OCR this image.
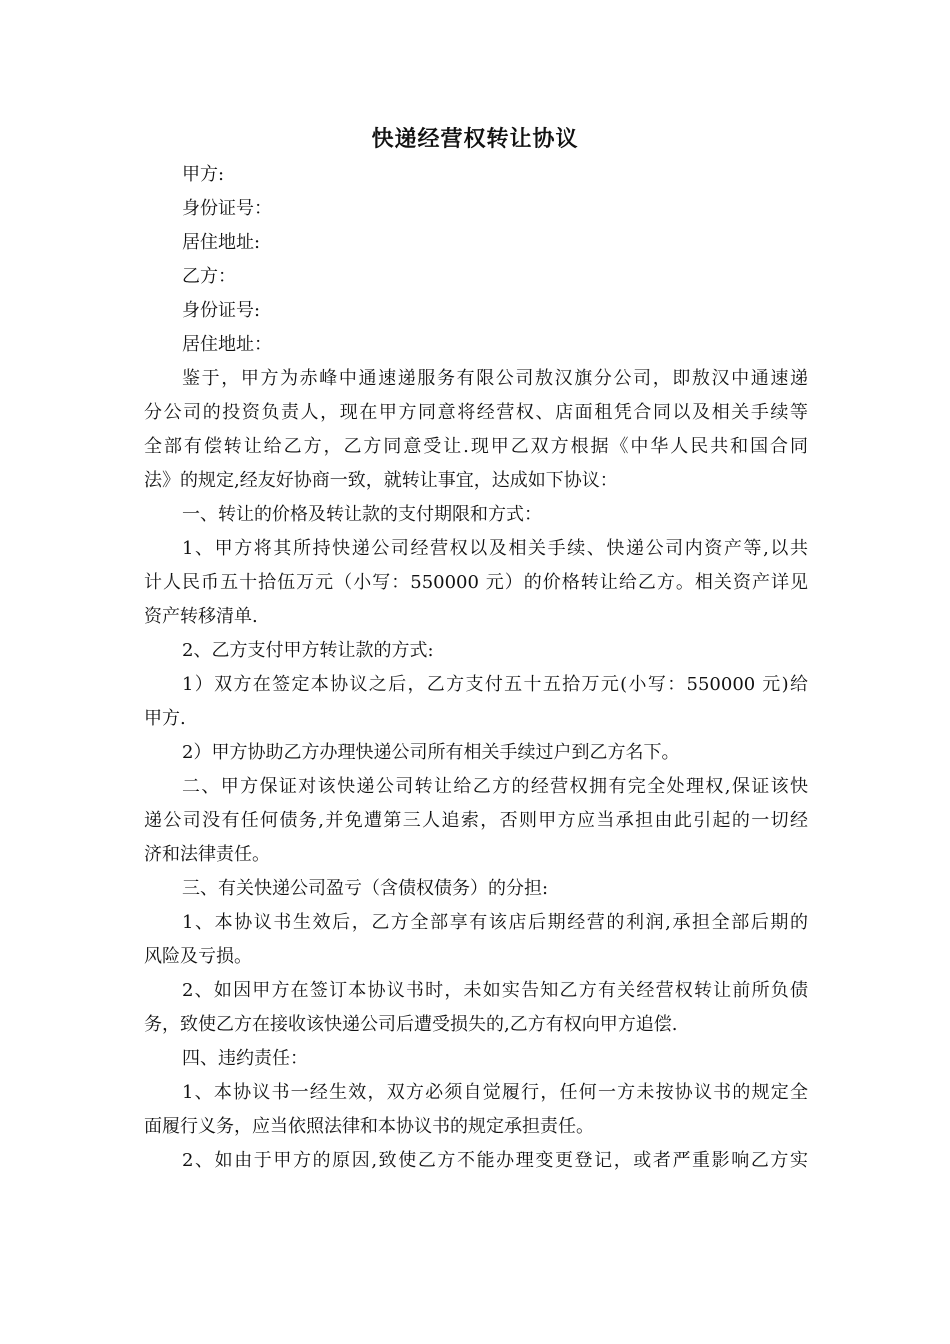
快递经营权转让协议
甲方:
身份证号：
居住地址:
乙方：
身份证号:
居住地址：
鉴于，甲方为赤峰中通速递服务有限公司敖汉旗分公司，即敖汉中通速递
分公司的投资负责人，现在甲方同意将经营权、店面租凭合同以及相关手续等
全部有偿转让给乙方，乙方同意受让.现甲乙双方根据《中华人民共和国合同
法》的规定,经友好协商一致，就转让事宜，达成如下协议：
一、转让的价格及转让款的支付期限和方式：
1、甲方将其所持快递公司经营权以及相关手续、快递公司内资产等,以共
计人民币五十拾伍万元（小写：550000 元）的价格转让给乙方。相关资产详见
资产转移清单.
2、乙方支付甲方转让款的方式:
1）双方在签定本协议之后，乙方支付五十五拾万元(小写：550000 元)给
甲方.
2）甲方协助乙方办理快递公司所有相关手续过户到乙方名下。
二、甲方保证对该快递公司转让给乙方的经营权拥有完全处理权,保证该快
递公司没有任何债务,并免遭第三人追索，否则甲方应当承担由此引起的一切经
济和法律责任。
三、有关快递公司盈亏（含债权债务）的分担:
1、本协议书生效后，乙方全部享有该店后期经营的利润,承担全部后期的
风险及亏损。
2、如因甲方在签订本协议书时，未如实告知乙方有关经营权转让前所负债
务，致使乙方在接收该快递公司后遭受损失的,乙方有权向甲方追偿.
四、违约责任：
1、本协议书一经生效，双方必须自觉履行，任何一方未按协议书的规定全
面履行义务，应当依照法律和本协议书的规定承担责任。
2、如由于甲方的原因,致使乙方不能办理变更登记，或者严重影响乙方实
